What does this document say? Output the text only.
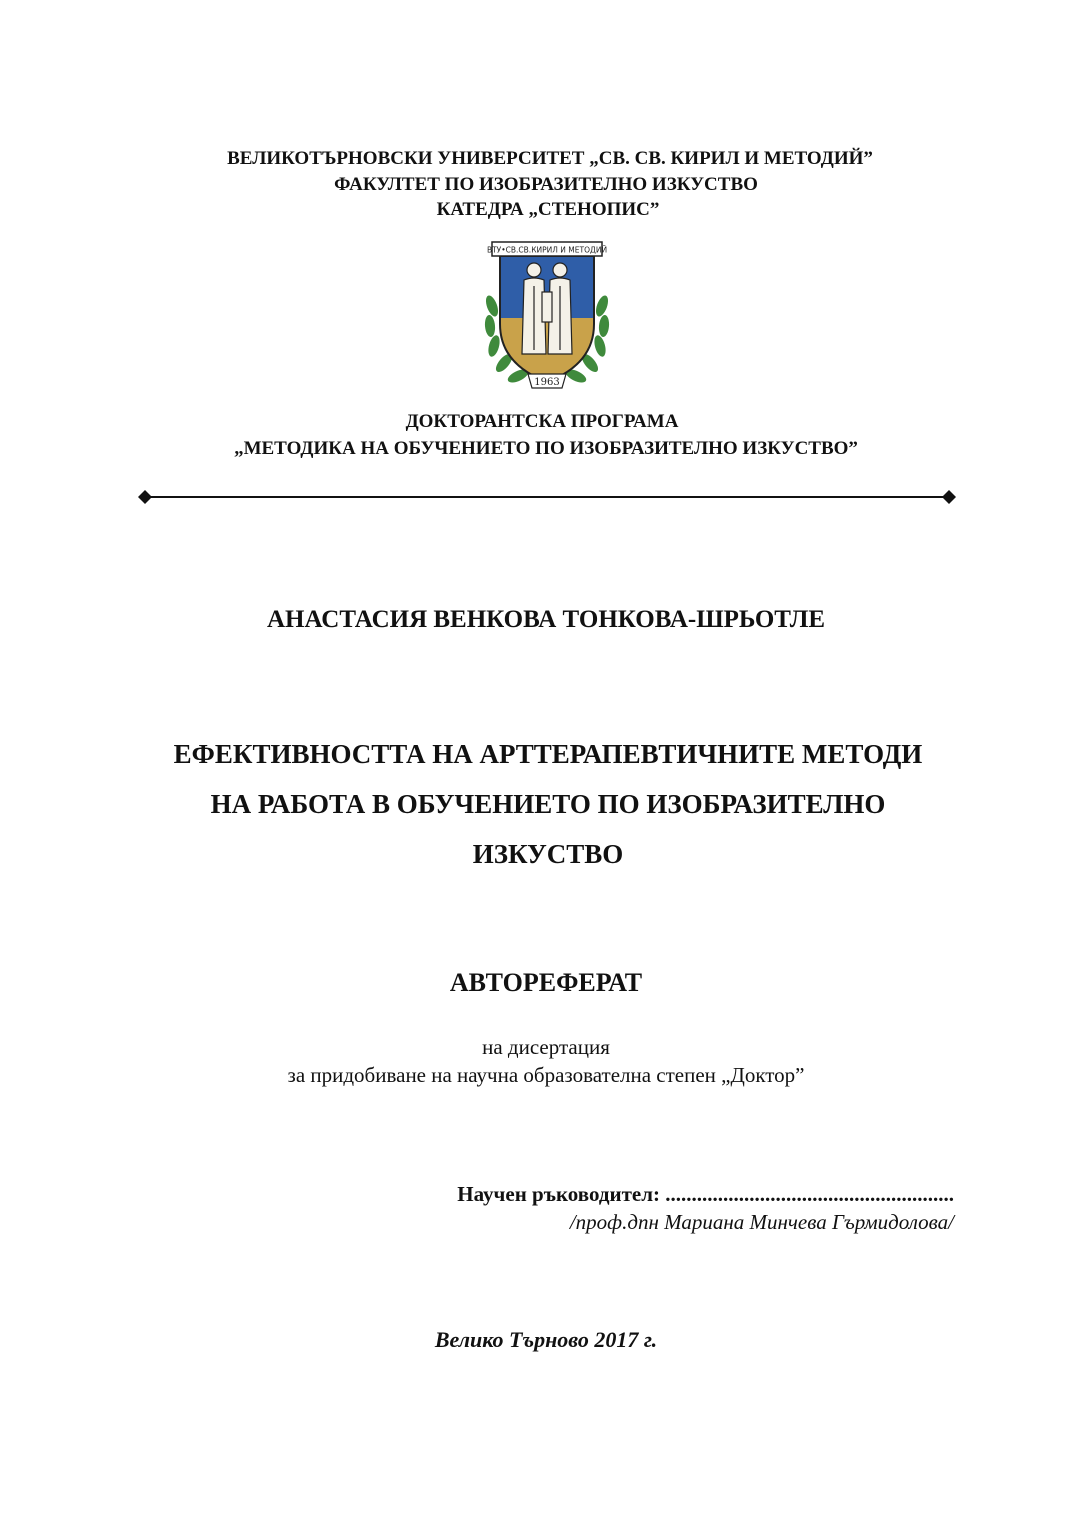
ВЕЛИКОТЪРНОВСКИ УНИВЕРСИТЕТ „СВ. СВ. КИРИЛ И МЕТОДИЙ”
ФАКУЛТЕТ ПО ИЗОБРАЗИТЕЛНО ИЗКУСТВО
КАТЕДРА „СТЕНОПИС”
ВТУ•СВ.СВ.КИРИЛ И МЕТОДИЙ
1963
ДОКТОРАНТСКА ПРОГРАМА
„МЕТОДИКА НА ОБУЧЕНИЕТО ПО ИЗОБРАЗИТЕЛНО ИЗКУСТВО”
АНАСТАСИЯ ВЕНКОВА ТОНКОВА-ШРЬОТЛЕ
ЕФЕКТИВНОСТТА НА АРТТЕРАПЕВТИЧНИТЕ МЕТОДИ
НА РАБОТА В ОБУЧЕНИЕТО ПО ИЗОБРАЗИТЕЛНО
ИЗКУСТВО
АВТОРЕФЕРАТ
на дисертация
за придобиване на научна образователна степен „Доктор”
Научен ръководител: .......................................................
/проф.дпн Мариана Минчева Гърмидолова/
Велико Търново 2017 г.
